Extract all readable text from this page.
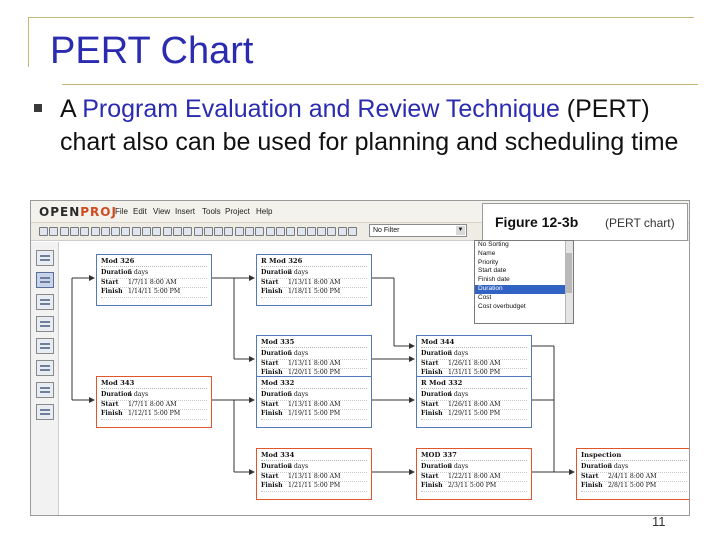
PERT Chart
A Program Evaluation and Review Technique (PERT) chart also can be used for planning and scheduling time
OPENPROJ
File Edit View Insert Tools Project Help
No Filter	▼
Mod 326
Duration
5 days
Start	1/7/11 8:00 AM
Finish 1/14/11 5:00 PM
R Mod 326
Duration
2 days
Start	1/13/11 8:00 AM
Finish 1/18/11 5:00 PM
Mod 335
Duration
5 days
Start	1/13/11 8:00 AM
Finish 1/20/11 5:00 PM
Mod 344
Duration
3 days
Start	1/26/11 8:00 AM
Finish 1/31/11 5:00 PM
Mod 343
Duration
4 days
Start	1/7/11 8:00 AM
Finish 1/12/11 5:00 PM
Mod 332
Duration
5 days
Start	1/13/11 8:00 AM
Finish 1/19/11 5:00 PM
R Mod 332
Duration
4 days
Start	1/26/11 8:00 AM
Finish 1/29/11 5:00 PM
Mod 334
Duration
2 days
Start	1/13/11 8:00 AM
Finish 1/21/11 5:00 PM
MOD 337
Duration
9 days
Start	1/22/11 8:00 AM
Finish 2/3/11 5:00 PM
Inspection
Duration
3 days
Start	2/4/11 8:00 AM
Finish 2/8/11 5:00 PM
Figure 12-3b (PERT chart)
No Sorting
Name
Priority
Start date
Finish date
Duration
Cost
Cost overbudget
11
